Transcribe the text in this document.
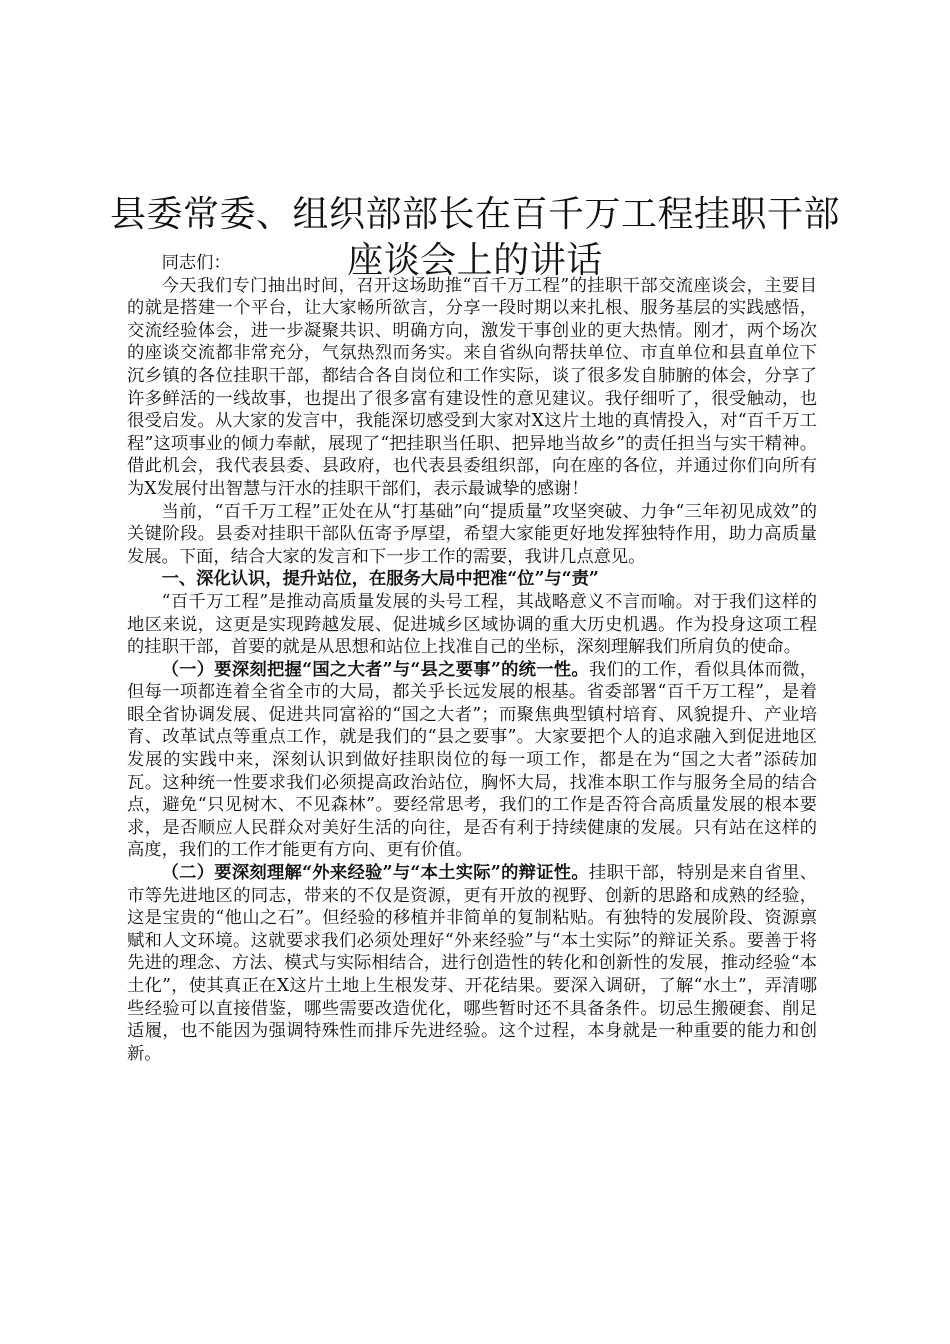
县委常委、组织部部长在百千万工程挂职干部
座谈会上的讲话

同志们：

今天我们专门抽出时间，召开这场助推“百千万工程”的挂职干部交流座谈会，主要目的就是搭建一个平台，让大家畅所欲言，分享一段时期以来扎根、服务基层的实践感悟，交流经验体会，进一步凝聚共识、明确方向，激发干事创业的更大热情。刚才，两个场次的座谈交流都非常充分，气氛热烈而务实。来自省纵向帮扶单位、市直单位和县直单位下沉乡镇的各位挂职干部，都结合各自岗位和工作实际，谈了很多发自肺腑的体会，分享了许多鲜活的一线故事，也提出了很多富有建设性的意见建议。我仔细听了，很受触动，也很受启发。从大家的发言中，我能深切感受到大家对X这片土地的真情投入，对“百千万工程”这项事业的倾力奉献，展现了“把挂职当任职、把异地当故乡”的责任担当与实干精神。借此机会，我代表县委、县政府，也代表县委组织部，向在座的各位，并通过你们向所有为X发展付出智慧与汗水的挂职干部们，表示最诚挚的感谢！

当前，“百千万工程”正处在从“打基础”向“提质量”攻坚突破、力争“三年初见成效”的关键阶段。县委对挂职干部队伍寄予厚望，希望大家能更好地发挥独特作用，助力高质量发展。下面，结合大家的发言和下一步工作的需要，我讲几点意见。

一、深化认识，提升站位，在服务大局中把准“位”与“责”

“百千万工程”是推动高质量发展的头号工程，其战略意义不言而喻。对于我们这样的地区来说，这更是实现跨越发展、促进城乡区域协调的重大历史机遇。作为投身这项工程的挂职干部，首要的就是从思想和站位上找准自己的坐标，深刻理解我们所肩负的使命。

（一）要深刻把握“国之大者”与“县之要事”的统一性。我们的工作，看似具体而微，但每一项都连着全省全市的大局，都关乎长远发展的根基。省委部署“百千万工程”，是着眼全省协调发展、促进共同富裕的“国之大者”；而聚焦典型镇村培育、风貌提升、产业培育、改革试点等重点工作，就是我们的“县之要事”。大家要把个人的追求融入到促进地区发展的实践中来，深刻认识到做好挂职岗位的每一项工作，都是在为“国之大者”添砖加瓦。这种统一性要求我们必须提高政治站位，胸怀大局，找准本职工作与服务全局的结合点，避免“只见树木、不见森林”。要经常思考，我们的工作是否符合高质量发展的根本要求，是否顺应人民群众对美好生活的向往，是否有利于持续健康的发展。只有站在这样的高度，我们的工作才能更有方向、更有价值。

（二）要深刻理解“外来经验”与“本土实际”的辩证性。挂职干部，特别是来自省里、市等先进地区的同志，带来的不仅是资源，更有开放的视野、创新的思路和成熟的经验，这是宝贵的“他山之石”。但经验的移植并非简单的复制粘贴。有独特的发展阶段、资源禀赋和人文环境。这就要求我们必须处理好“外来经验”与“本土实际”的辩证关系。要善于将先进的理念、方法、模式与实际相结合，进行创造性的转化和创新性的发展，推动经验“本土化”，使其真正在X这片土地上生根发芽、开花结果。要深入调研，了解“水土”，弄清哪些经验可以直接借鉴，哪些需要改造优化，哪些暂时还不具备条件。切忌生搬硬套、削足适履，也不能因为强调特殊性而排斥先进经验。这个过程，本身就是一种重要的能力和创新。
